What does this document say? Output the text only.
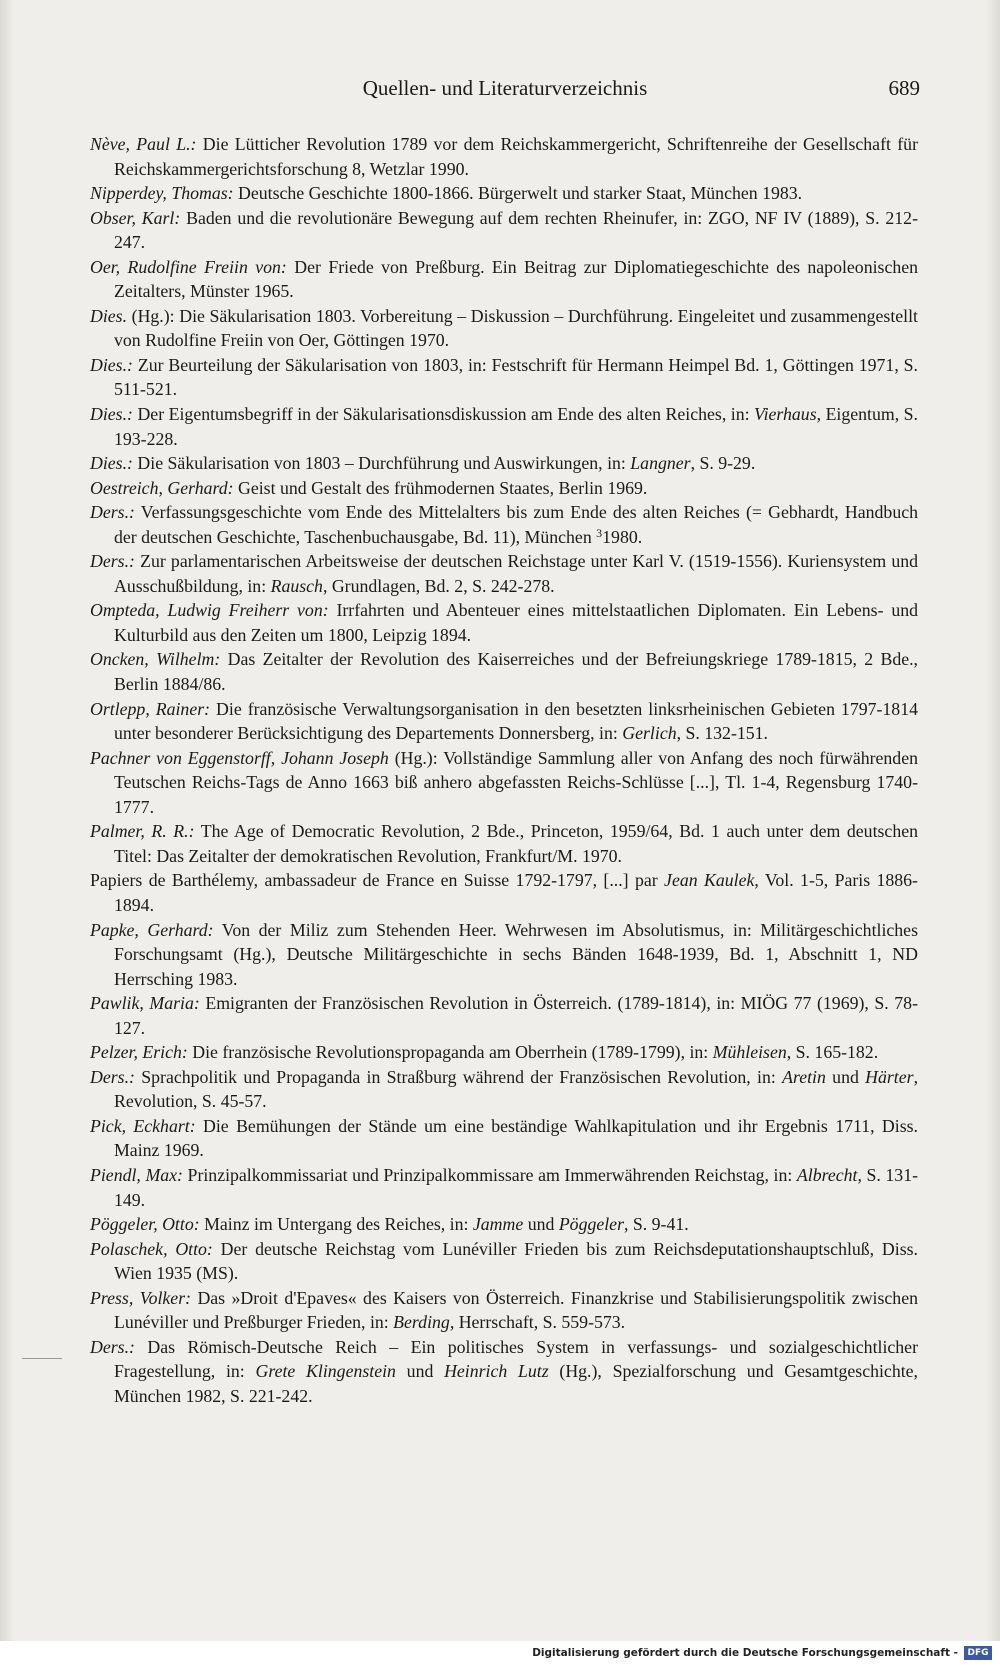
Quellen- und Literaturverzeichnis	689

Nève, Paul L.: Die Lütticher Revolution 1789 vor dem Reichskammergericht, Schriftenreihe der Gesellschaft für Reichskammergerichtsforschung 8, Wetzlar 1990.

Nipperdey, Thomas: Deutsche Geschichte 1800-1866. Bürgerwelt und starker Staat, München 1983.

Obser, Karl: Baden und die revolutionäre Bewegung auf dem rechten Rheinufer, in: ZGO, NF IV (1889), S. 212-247.

Oer, Rudolfine Freiin von: Der Friede von Preßburg. Ein Beitrag zur Diplomatiegeschichte des napoleonischen Zeitalters, Münster 1965.

Dies. (Hg.): Die Säkularisation 1803. Vorbereitung – Diskussion – Durchführung. Eingeleitet und zusammengestellt von Rudolfine Freiin von Oer, Göttingen 1970.

Dies.: Zur Beurteilung der Säkularisation von 1803, in: Festschrift für Hermann Heimpel Bd. 1, Göttingen 1971, S. 511-521.

Dies.: Der Eigentumsbegriff in der Säkularisationsdiskussion am Ende des alten Reiches, in: Vierhaus, Eigentum, S. 193-228.

Dies.: Die Säkularisation von 1803 – Durchführung und Auswirkungen, in: Langner, S. 9-29.

Oestreich, Gerhard: Geist und Gestalt des frühmodernen Staates, Berlin 1969.

Ders.: Verfassungsgeschichte vom Ende des Mittelalters bis zum Ende des alten Reiches (= Gebhardt, Handbuch der deutschen Geschichte, Taschenbuchausgabe, Bd. 11), München $^3$1980.

Ders.: Zur parlamentarischen Arbeitsweise der deutschen Reichstage unter Karl V. (1519-1556). Kuriensystem und Ausschußbildung, in: Rausch, Grundlagen, Bd. 2, S. 242-278.

Ompteda, Ludwig Freiherr von: Irrfahrten und Abenteuer eines mittelstaatlichen Diplomaten. Ein Lebens- und Kulturbild aus den Zeiten um 1800, Leipzig 1894.

Oncken, Wilhelm: Das Zeitalter der Revolution des Kaiserreiches und der Befreiungskriege 1789-1815, 2 Bde., Berlin 1884/86.

Ortlepp, Rainer: Die französische Verwaltungsorganisation in den besetzten linksrheinischen Gebieten 1797-1814 unter besonderer Berücksichtigung des Departements Donnersberg, in: Gerlich, S. 132-151.

Pachner von Eggenstorff, Johann Joseph (Hg.): Vollständige Sammlung aller von Anfang des noch fürwährenden Teutschen Reichs-Tags de Anno 1663 biß anhero abgefassten Reichs-Schlüsse [...], Tl. 1-4, Regensburg 1740-1777.

Palmer, R. R.: The Age of Democratic Revolution, 2 Bde., Princeton, 1959/64, Bd. 1 auch unter dem deutschen Titel: Das Zeitalter der demokratischen Revolution, Frankfurt/M. 1970.

Papiers de Barthélemy, ambassadeur de France en Suisse 1792-1797, [...] par Jean Kaulek, Vol. 1-5, Paris 1886-1894.

Papke, Gerhard: Von der Miliz zum Stehenden Heer. Wehrwesen im Absolutismus, in: Militärgeschichtliches Forschungsamt (Hg.), Deutsche Militärgeschichte in sechs Bänden 1648-1939, Bd. 1, Abschnitt 1, ND Herrsching 1983.

Pawlik, Maria: Emigranten der Französischen Revolution in Österreich. (1789-1814), in: MIÖG 77 (1969), S. 78-127.

Pelzer, Erich: Die französische Revolutionspropaganda am Oberrhein (1789-1799), in: Mühleisen, S. 165-182.

Ders.: Sprachpolitik und Propaganda in Straßburg während der Französischen Revolution, in: Aretin und Härter, Revolution, S. 45-57.

Pick, Eckhart: Die Bemühungen der Stände um eine beständige Wahlkapitulation und ihr Ergebnis 1711, Diss. Mainz 1969.

Piendl, Max: Prinzipalkommissariat und Prinzipalkommissare am Immerwährenden Reichstag, in: Albrecht, S. 131-149.

Pöggeler, Otto: Mainz im Untergang des Reiches, in: Jamme und Pöggeler, S. 9-41.

Polaschek, Otto: Der deutsche Reichstag vom Lunéviller Frieden bis zum Reichsdeputationshauptschluß, Diss. Wien 1935 (MS).

Press, Volker: Das »Droit d'Epaves« des Kaisers von Österreich. Finanzkrise und Stabilisierungspolitik zwischen Lunéviller und Preßburger Frieden, in: Berding, Herrschaft, S. 559-573.

Ders.: Das Römisch-Deutsche Reich – Ein politisches System in verfassungs- und sozialgeschichtlicher Fragestellung, in: Grete Klingenstein und Heinrich Lutz (Hg.), Spezialforschung und Gesamtgeschichte, München 1982, S. 221-242.

Digitalisierung gefördert durch die Deutsche Forschungsgemeinschaft -	DFG
